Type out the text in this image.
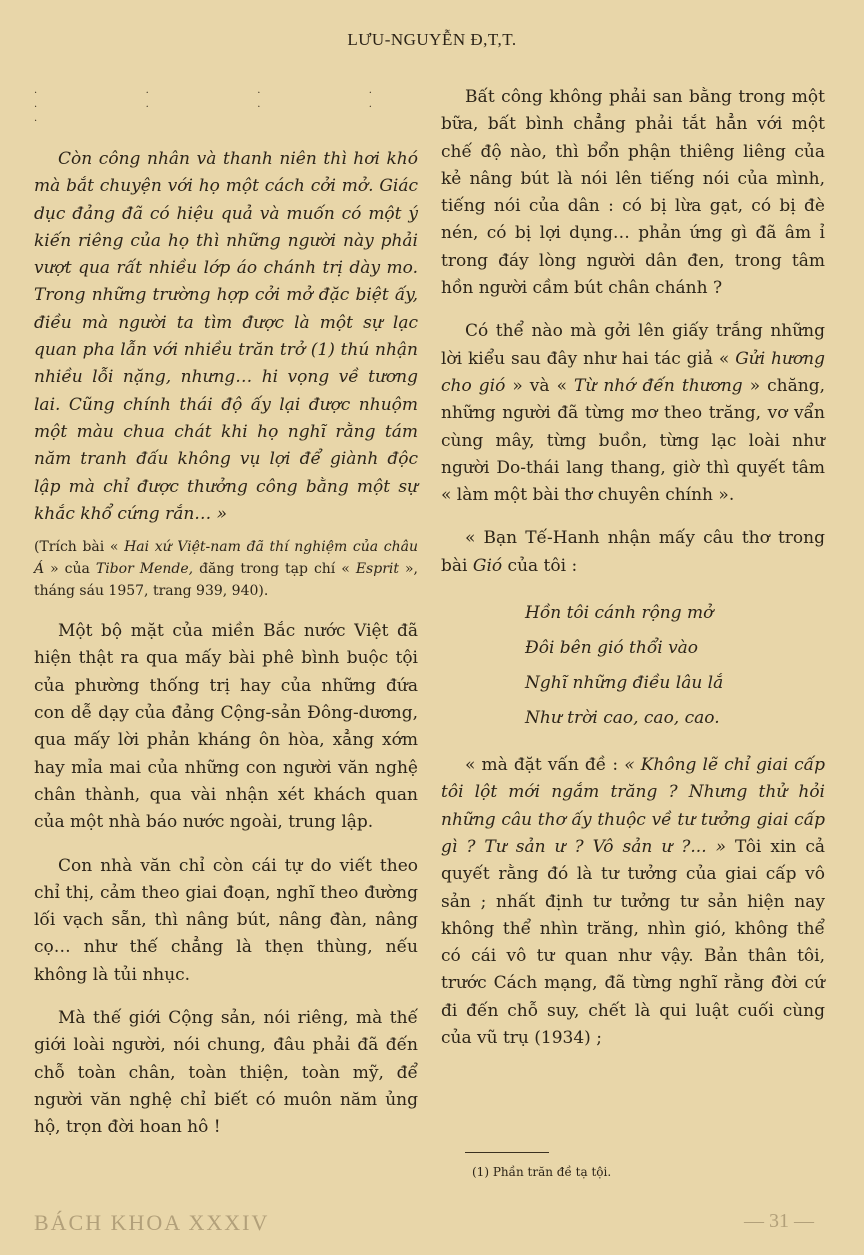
LƯU-NGUYỄN Đ,T,T.

. . . . . . . . .

Còn công nhân và thanh niên thì hơi khó mà bắt chuyện với họ một cách cởi mở. Giác dục đảng đã có hiệu quả và muốn có một ý kiến riêng của họ thì những người này phải vượt qua rất nhiều lớp áo chánh trị dày mo. Trong những trường hợp cởi mở đặc biệt ấy, điều mà người ta tìm được là một sự lạc quan pha lẫn với nhiều trăn trở (1) thú nhận nhiều lỗi nặng, nhưng… hi vọng về tương lai. Cũng chính thái độ ấy lại được nhuộm một màu chua chát khi họ nghĩ rằng tám năm tranh đấu không vụ lợi để giành độc lập mà chỉ được thưởng công bằng một sự khắc khổ cứng rắn… »

(Trích bài « Hai xứ Việt-nam đã thí nghiệm của châu Á » của Tibor Mende, đăng trong tạp chí « Esprit », tháng sáu 1957, trang 939, 940).

Một bộ mặt của miền Bắc nước Việt đã hiện thật ra qua mấy bài phê bình buộc tội của phường thống trị hay của những đứa con dễ dạy của đảng Cộng-sản Đông-dương, qua mấy lời phản kháng ôn hòa, xẳng xớm hay mỉa mai của những con người văn nghệ chân thành, qua vài nhận xét khách quan của một nhà báo nước ngoài, trung lập.

Con nhà văn chỉ còn cái tự do viết theo chỉ thị, cảm theo giai đoạn, nghĩ theo đường lối vạch sẵn, thì nâng bút, nâng đàn, nâng cọ… như thế chẳng là thẹn thùng, nếu không là tủi nhục.

Mà thế giới Cộng sản, nói riêng, mà thế giới loài người, nói chung, đâu phải đã đến chỗ toàn chân, toàn thiện, toàn mỹ, để người văn nghệ chỉ biết có muôn năm ủng hộ, trọn đời hoan hô !

Bất công không phải san bằng trong một bữa, bất bình chẳng phải tắt hẳn với một chế độ nào, thì bổn phận thiêng liêng của kẻ nâng bút là nói lên tiếng nói của mình, tiếng nói của dân : có bị lừa gạt, có bị đè nén, có bị lợi dụng… phản ứng gì đã âm ỉ trong đáy lòng người dân đen, trong tâm hồn người cầm bút chân chánh ?

Có thể nào mà gởi lên giấy trắng những lời kiểu sau đây như hai tác giả « Gửi hương cho gió » và « Từ nhớ đến thương » chăng, những người đã từng mơ theo trăng, vơ vẩn cùng mây, từng buồn, từng lạc loài như người Do-thái lang thang, giờ thì quyết tâm « làm một bài thơ chuyên chính ».

« Bạn Tế-Hanh nhận mấy câu thơ trong bài Gió của tôi :

Hồn tôi cánh rộng mở
Đôi bên gió thổi vào
Nghĩ những điều lâu lắ
Như trời cao, cao, cao.

« mà đặt vấn đề : « Không lẽ chỉ giai cấp tôi lột mới ngắm trăng ? Nhưng thử hỏi những câu thơ ấy thuộc về tư tưởng giai cấp gì ? Tư sản ư ? Vô sản ư ?... » Tôi xin cả quyết rằng đó là tư tưởng của giai cấp vô sản ; nhất định tư tưởng tư sản hiện nay không thể nhìn trăng, nhìn gió, không thể có cái vô tư quan như vậy. Bản thân tôi, trước Cách mạng, đã từng nghĩ rằng đời cứ đi đến chỗ suy, chết là qui luật cuối cùng của vũ trụ (1934) ;

(1) Phần trăn đề tạ tội.
BÁCH KHOA XXXIV	— 31 —
